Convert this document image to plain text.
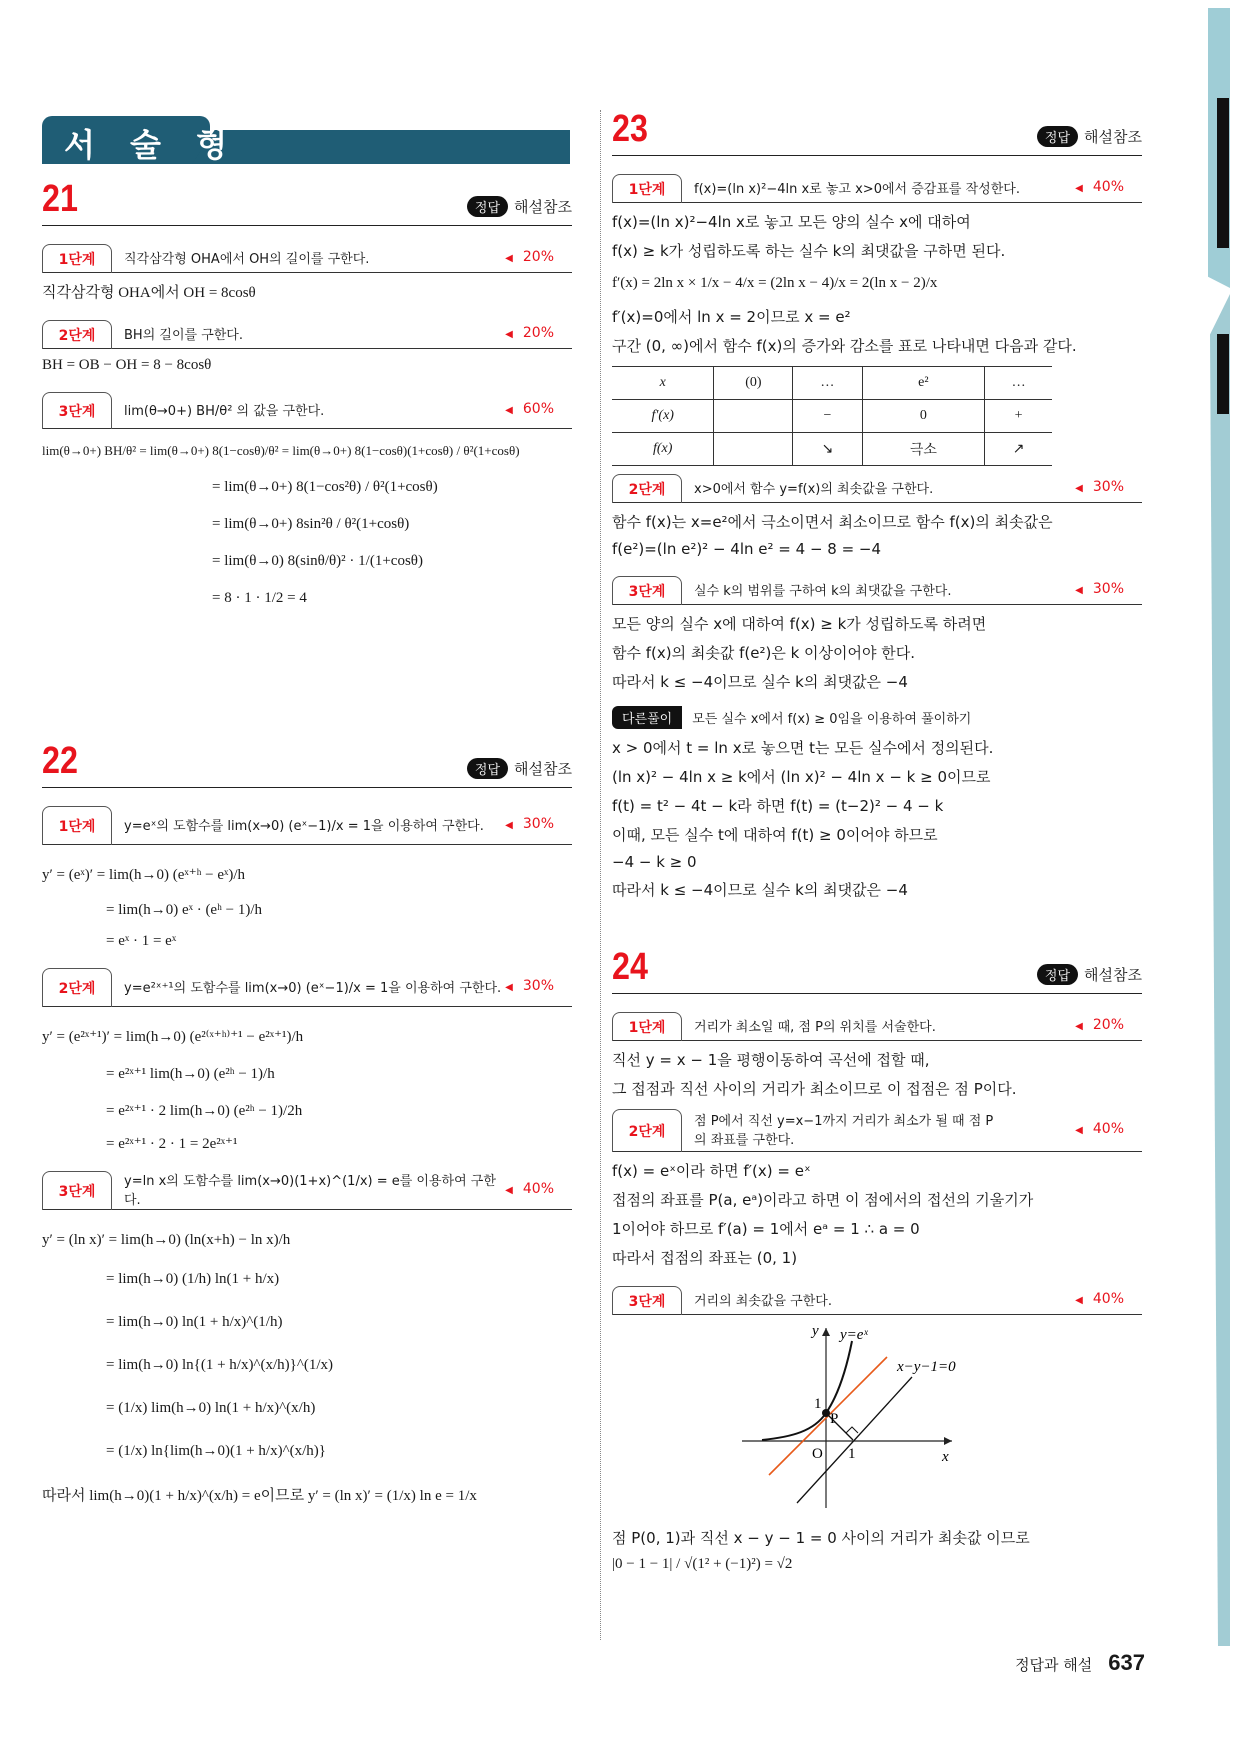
서 술 형
21	정답 해설참조
1단계	직각삼각형 OHA에서 OH의 길이를 구한다.	◀ 20%
직각삼각형 OHA에서 OH = 8cosθ
2단계	BH의 길이를 구한다.	◀ 20%
BH = OB − OH = 8 − 8cosθ
3단계	lim(θ→0+) BH/θ² 의 값을 구한다.	◀ 60%
lim(θ→0+) BH/θ² = lim(θ→0+) 8(1−cosθ)/θ² = lim(θ→0+) 8(1−cosθ)(1+cosθ) / θ²(1+cosθ)
= lim(θ→0+) 8(1−cos²θ) / θ²(1+cosθ)
= lim(θ→0+) 8sin²θ / θ²(1+cosθ)
= lim(θ→0) 8(sinθ/θ)² · 1/(1+cosθ)
= 8 · 1 · 1/2 = 4
22	정답 해설참조
1단계	y=eˣ의 도함수를 lim(x→0) (eˣ−1)/x = 1을 이용하여 구한다.	◀ 30%
y′ = (eˣ)′ = lim(h→0) (eˣ⁺ʰ − eˣ)/h
= lim(h→0) eˣ · (eʰ − 1)/h
= eˣ · 1 = eˣ
2단계	y=e²ˣ⁺¹의 도함수를 lim(x→0) (eˣ−1)/x = 1을 이용하여 구한다.	◀ 30%
y′ = (e²ˣ⁺¹)′ = lim(h→0) (e²⁽ˣ⁺ʰ⁾⁺¹ − e²ˣ⁺¹)/h
= e²ˣ⁺¹ lim(h→0) (e²ʰ − 1)/h
= e²ˣ⁺¹ · 2 lim(h→0) (e²ʰ − 1)/2h
= e²ˣ⁺¹ · 2 · 1 = 2e²ˣ⁺¹
3단계
y=ln x의 도함수를 lim(x→0)(1+x)^(1/x) = e를 이용하여 구한다.
◀ 40%
y′ = (ln x)′ = lim(h→0) (ln(x+h) − ln x)/h
= lim(h→0) (1/h) ln(1 + h/x)
= lim(h→0) ln(1 + h/x)^(1/h)
= lim(h→0) ln{(1 + h/x)^(x/h)}^(1/x)
= (1/x) lim(h→0) ln(1 + h/x)^(x/h)
= (1/x) ln{lim(h→0)(1 + h/x)^(x/h)}
따라서 lim(h→0)(1 + h/x)^(x/h) = e이므로 y′ = (ln x)′ = (1/x) ln e = 1/x
23	정답 해설참조
1단계	f(x)=(ln x)²−4ln x로 놓고 x>0에서 증감표를 작성한다.	◀ 40%
f(x)=(ln x)²−4ln x로 놓고 모든 양의 실수 x에 대하여
f(x) ≥ k가 성립하도록 하는 실수 k의 최댓값을 구하면 된다.
f′(x) = 2ln x × 1/x − 4/x = (2ln x − 4)/x = 2(ln x − 2)/x
f′(x)=0에서 ln x = 2이므로 x = e²
구간 (0, ∞)에서 함수 f(x)의 증가와 감소를 표로 나타내면 다음과 같다.
x	(0)	…	e²	…
f′(x)		−	0	+
f(x)		↘	극소	↗
2단계	x>0에서 함수 y=f(x)의 최솟값을 구한다.	◀ 30%
함수 f(x)는 x=e²에서 극소이면서 최소이므로 함수 f(x)의 최솟값은
f(e²)=(ln e²)² − 4ln e² = 4 − 8 = −4
3단계	실수 k의 범위를 구하여 k의 최댓값을 구한다.	◀ 30%
모든 양의 실수 x에 대하여 f(x) ≥ k가 성립하도록 하려면
함수 f(x)의 최솟값 f(e²)은 k 이상이어야 한다.
따라서 k ≤ −4이므로 실수 k의 최댓값은 −4
다른풀이 모든 실수 x에서 f(x) ≥ 0임을 이용하여 풀이하기
x > 0에서 t = ln x로 놓으면 t는 모든 실수에서 정의된다.
(ln x)² − 4ln x ≥ k에서 (ln x)² − 4ln x − k ≥ 0이므로
f(t) = t² − 4t − k라 하면 f(t) = (t−2)² − 4 − k
이때, 모든 실수 t에 대하여 f(t) ≥ 0이어야 하므로
−4 − k ≥ 0
따라서 k ≤ −4이므로 실수 k의 최댓값은 −4
24	정답 해설참조
1단계	거리가 최소일 때, 점 P의 위치를 서술한다.	◀ 20%
직선 y = x − 1을 평행이동하여 곡선에 접할 때,
그 접점과 직선 사이의 거리가 최소이므로 이 접점은 점 P이다.
2단계
점 P에서 직선 y=x−1까지 거리가 최소가 될 때 점 P의 좌표를 구한다.
◀ 40%
f(x) = eˣ이라 하면 f′(x) = eˣ
접점의 좌표를 P(a, eᵃ)이라고 하면 이 점에서의 접선의 기울기가
1이어야 하므로 f′(a) = 1에서 eᵃ = 1 ∴ a = 0
따라서 접점의 좌표는 (0, 1)
3단계	거리의 최솟값을 구한다.	◀ 40%
y y=eˣ
x−y−1=0
1
P
O 1	x
점 P(0, 1)과 직선 x − y − 1 = 0 사이의 거리가 최솟값 이므로
|0 − 1 − 1| / √(1² + (−1)²) = √2
정답과 해설 637
